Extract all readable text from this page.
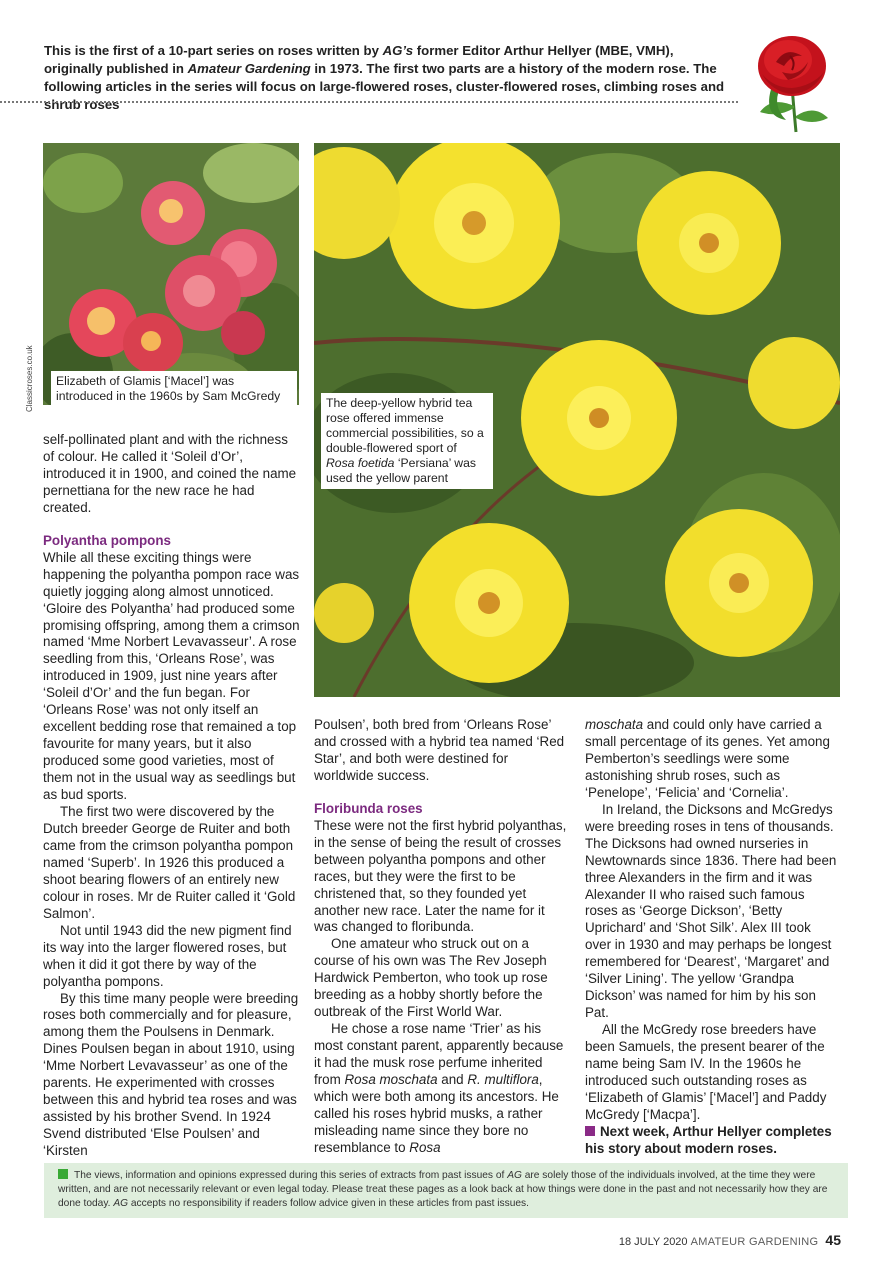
This is the first of a 10-part series on roses written by AG’s former Editor Arthur Hellyer (MBE, VMH), originally published in Amateur Gardening in 1973. The first two parts are a history of the modern rose. The following articles in the series will focus on large-flowered roses, cluster-flowered roses, climbing roses and shrub roses
Elizabeth of Glamis [‘Macel’] was introduced in the 1960s by Sam McGredy
Classicroses.co.uk	The deep-yellow hybrid tea rose offered immense commercial possibilities, so a double-flowered sport of Rosa foetida ‘Persiana’ was used the yellow parent

self-pollinated plant and with the richness of colour. He called it ‘Soleil d’Or’, introduced it in 1900, and coined the name pernettiana for the new race he had created.

Polyantha pompons

While all these exciting things were happening the polyantha pompon race was quietly jogging along almost unnoticed. ‘Gloire des Polyantha’ had produced some promising offspring, among them a crimson named ‘Mme Norbert Levavasseur’. A rose seedling from this, ‘Orleans Rose’, was introduced in 1909, just nine years after ‘Soleil d’Or’ and the fun began. For ‘Orleans Rose’ was not only itself an excellent bedding rose that remained a top favourite for many years, but it also produced some good varieties, most of them not in the usual way as seedlings but as bud sports.

The first two were discovered by the Dutch breeder George de Ruiter and both came from the crimson polyantha pompon named ‘Superb’. In 1926 this produced a shoot bearing flowers of an entirely new colour in roses. Mr de Ruiter called it ‘Gold Salmon’.

Not until 1943 did the new pigment find its way into the larger flowered roses, but when it did it got there by way of the polyantha pompons.

By this time many people were breeding roses both commercially and for pleasure, among them the Poulsens in Denmark. Dines Poulsen began in about 1910, using ‘Mme Norbert Levavasseur’ as one of the parents. He experimented with crosses between this and hybrid tea roses and was assisted by his brother Svend. In 1924 Svend distributed ‘Else Poulsen’ and ‘Kirsten

Poulsen’, both bred from ‘Orleans Rose’ and crossed with a hybrid tea named ‘Red Star’, and both were destined for worldwide success.

Floribunda roses

These were not the first hybrid polyanthas, in the sense of being the result of crosses between polyantha pompons and other races, but they were the first to be christened that, so they founded yet another new race. Later the name for it was changed to floribunda.

One amateur who struck out on a course of his own was The Rev Joseph Hardwick Pemberton, who took up rose breeding as a hobby shortly before the outbreak of the First World War.

He chose a rose name ‘Trier’ as his most constant parent, apparently because it had the musk rose perfume inherited from Rosa moschata and R. multiflora, which were both among its ancestors. He called his roses hybrid musks, a rather misleading name since they bore no resemblance to Rosa

moschata and could only have carried a small percentage of its genes. Yet among Pemberton’s seedlings were some astonishing shrub roses, such as ‘Penelope’, ‘Felicia’ and ‘Cornelia’.

In Ireland, the Dicksons and McGredys were breeding roses in tens of thousands. The Dicksons had owned nurseries in Newtownards since 1836. There had been three Alexanders in the firm and it was Alexander II who raised such famous roses as ‘George Dickson’, ‘Betty Uprichard’ and ‘Shot Silk’. Alex III took over in 1930 and may perhaps be longest remembered for ‘Dearest’, ‘Margaret’ and ‘Silver Lining’. The yellow ‘Grandpa Dickson’ was named for him by his son Pat.

All the McGredy rose breeders have been Samuels, the present bearer of the name being Sam IV. In the 1960s he introduced such outstanding roses as ‘Elizabeth of Glamis’ [‘Macel’] and Paddy McGredy [‘Macpa’].

Next week, Arthur Hellyer completes his story about modern roses.

The views, information and opinions expressed during this series of extracts from past issues of AG are solely those of the individuals involved, at the time they were written, and are not necessarily relevant or even legal today. Please treat these pages as a look back at how things were done in the past and not necessarily how they are done today. AG accepts no responsibility if readers follow advice given in these articles from past issues.
18 JULY 2020 AMATEUR GARDENING 45
